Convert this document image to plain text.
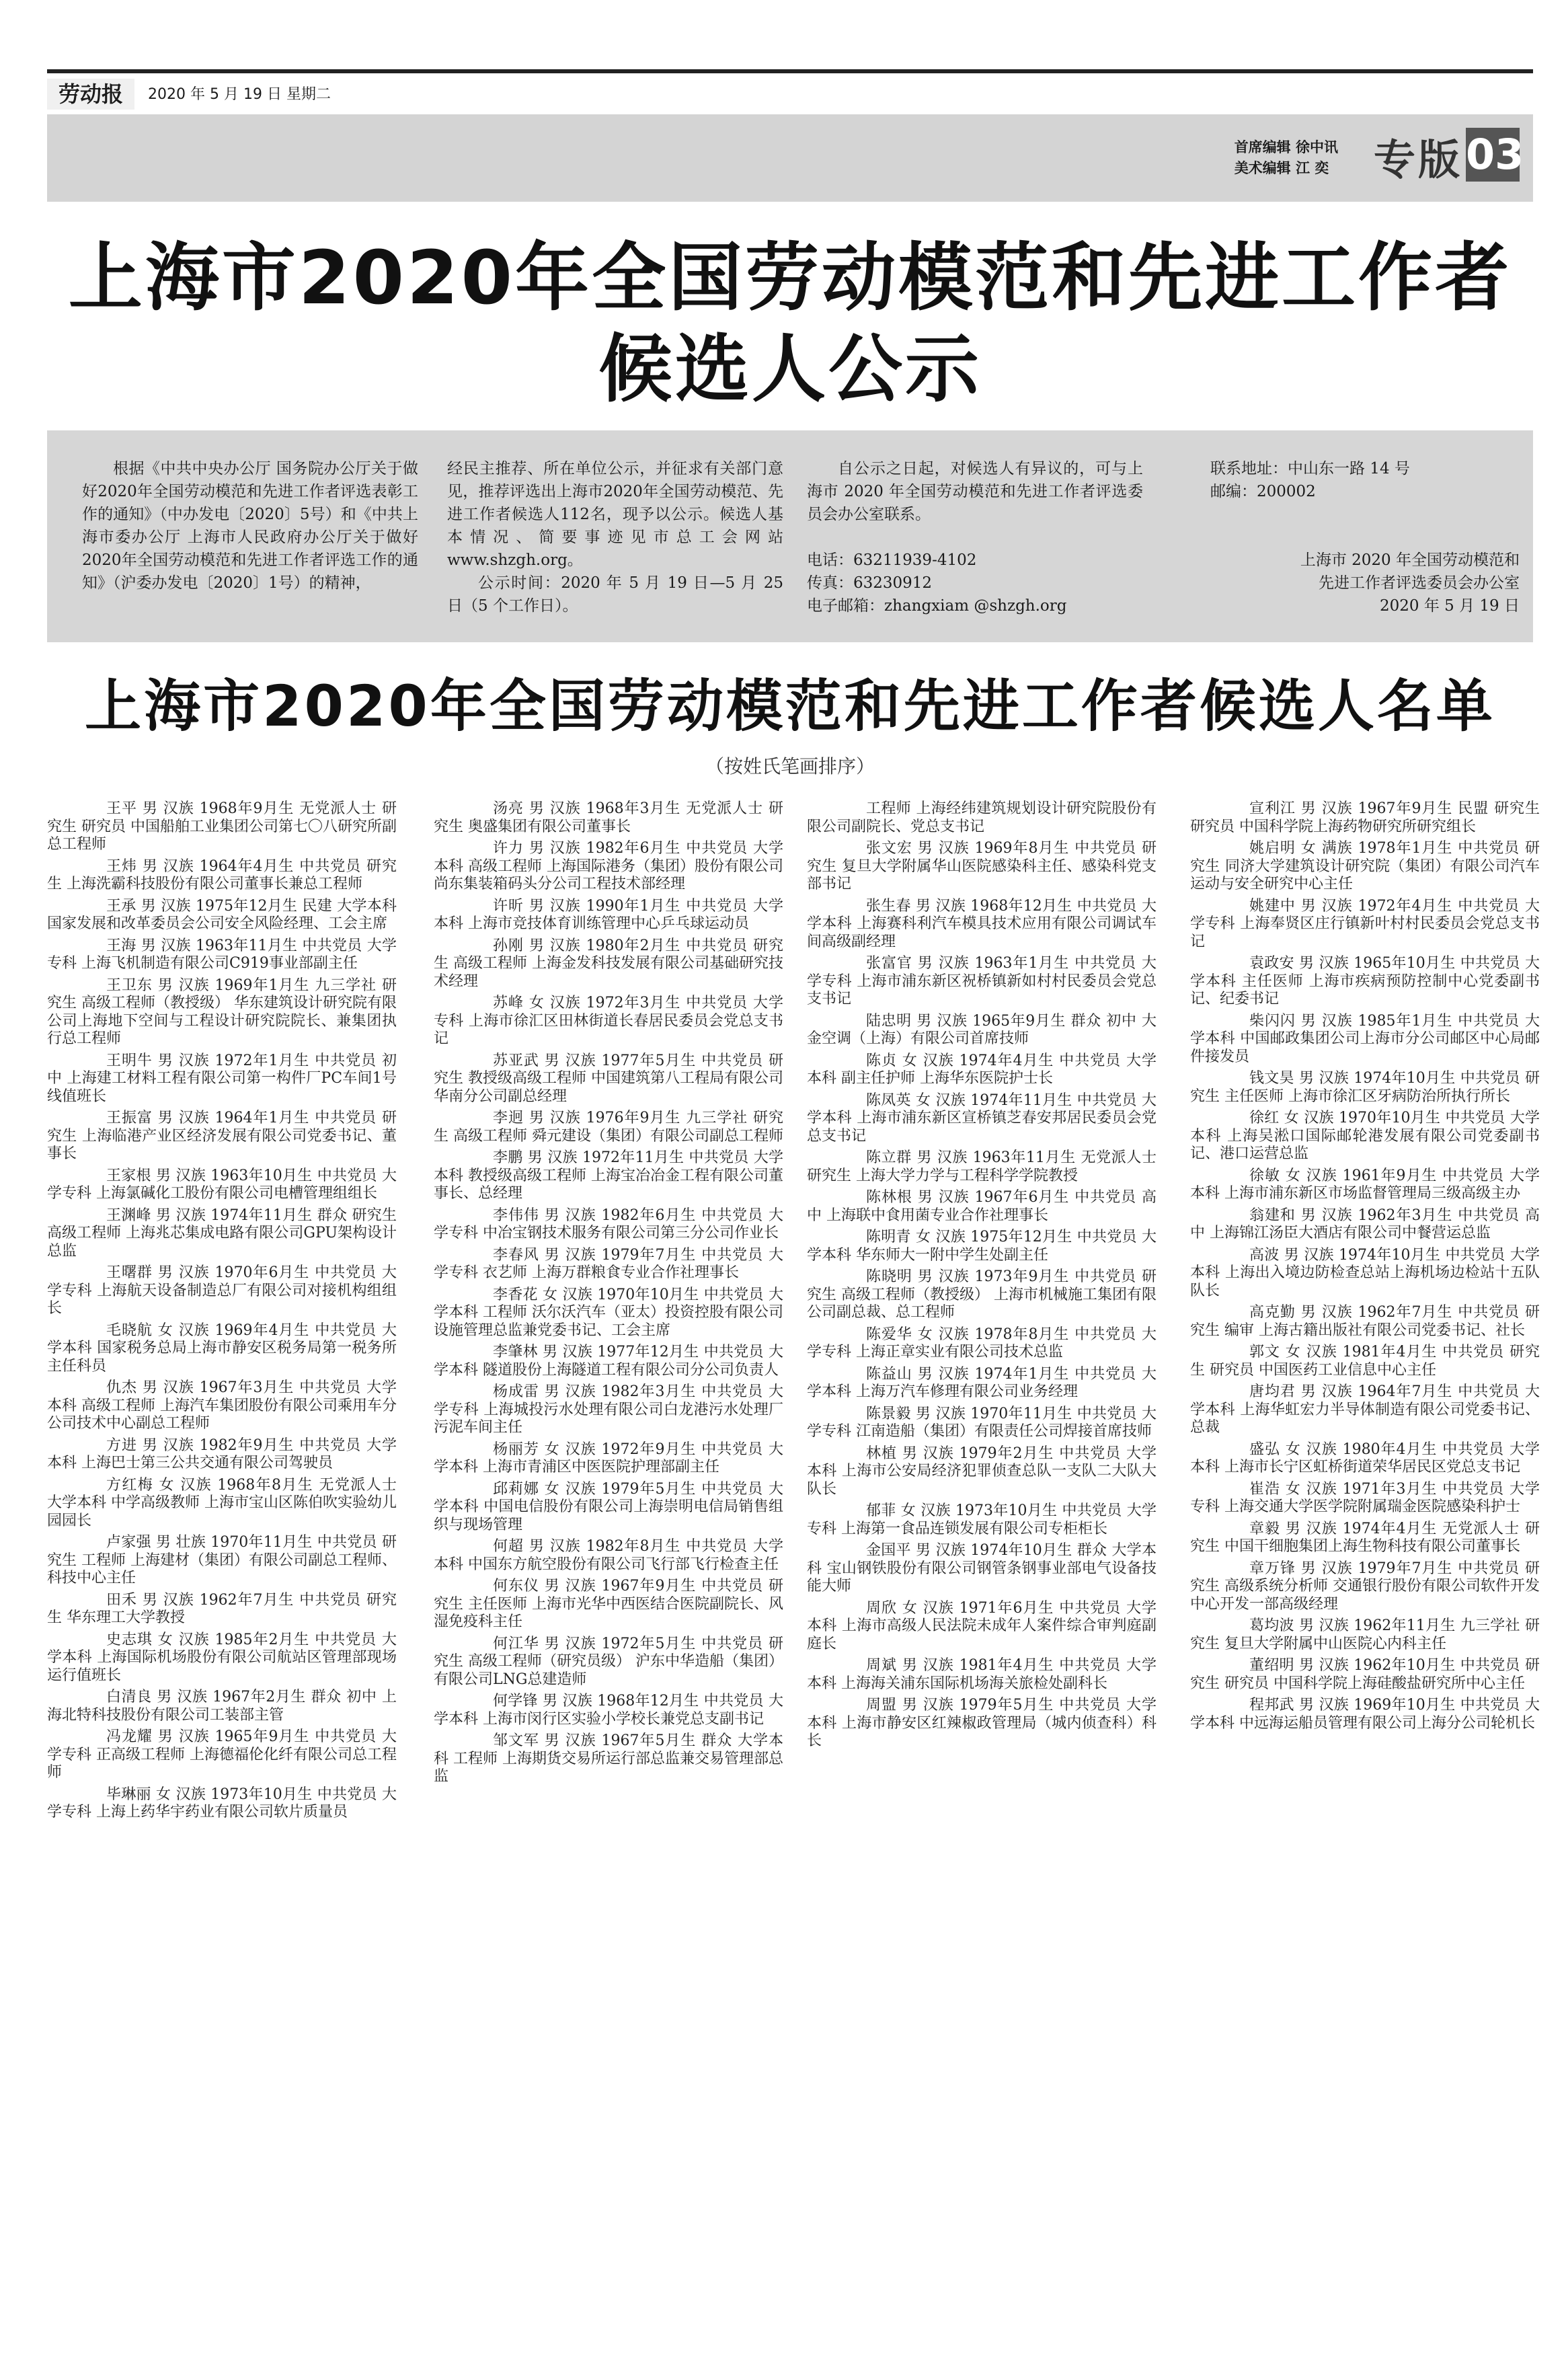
劳动报	2020 年 5 月 19 日 星期二
首席编辑 徐中讯
美术编辑 江 奕 专版 03
上海市2020年全国劳动模范和先进工作者
候选人公示

根据《中共中央办公厅 国务院办公厅关于做好2020年全国劳动模范和先进工作者评选表彰工作的通知》（中办发电〔2020〕5号）和《中共上海市委办公厅 上海市人民政府办公厅关于做好2020年全国劳动模范和先进工作者评选工作的通知》（沪委办发电〔2020〕1号）的精神，

经民主推荐、所在单位公示，并征求有关部门意见，推荐评选出上海市2020年全国劳动模范、先进工作者候选人112名，现予以公示。候选人基本情况、简要事迹见市总工会网站www.shzgh.org。

公示时间：2020 年 5 月 19 日—5 月 25 日（5 个工作日）。

自公示之日起，对候选人有异议的，可与上海市 2020 年全国劳动模范和先进工作者评选委员会办公室联系。

电话：63211939-4102

传真：63230912

电子邮箱：zhangxiam @shzgh.org

联系地址：中山东一路 14 号

邮编：200002

上海市 2020 年全国劳动模范和

先进工作者评选委员会办公室

2020 年 5 月 19 日

上海市2020年全国劳动模范和先进工作者候选人名单
（按姓氏笔画排序）

王平 男 汉族 1968年9月生 无党派人士 研究生 研究员 中国船舶工业集团公司第七〇八研究所副总工程师

王炜 男 汉族 1964年4月生 中共党员 研究生 上海洗霸科技股份有限公司董事长兼总工程师

王承 男 汉族 1975年12月生 民建 大学本科 国家发展和改革委员会公司安全风险经理、工会主席

王海 男 汉族 1963年11月生 中共党员 大学专科 上海飞机制造有限公司C919事业部副主任

王卫东 男 汉族 1969年1月生 九三学社 研究生 高级工程师（教授级） 华东建筑设计研究院有限公司上海地下空间与工程设计研究院院长、兼集团执行总工程师

王明牛 男 汉族 1972年1月生 中共党员 初中 上海建工材料工程有限公司第一构件厂PC车间1号线值班长

王振富 男 汉族 1964年1月生 中共党员 研究生 上海临港产业区经济发展有限公司党委书记、董事长

王家根 男 汉族 1963年10月生 中共党员 大学专科 上海氯碱化工股份有限公司电槽管理组组长

王渊峰 男 汉族 1974年11月生 群众 研究生 高级工程师 上海兆芯集成电路有限公司GPU架构设计总监

王曙群 男 汉族 1970年6月生 中共党员 大学专科 上海航天设备制造总厂有限公司对接机构组组长

毛晓航 女 汉族 1969年4月生 中共党员 大学本科 国家税务总局上海市静安区税务局第一税务所主任科员

仇杰 男 汉族 1967年3月生 中共党员 大学本科 高级工程师 上海汽车集团股份有限公司乘用车分公司技术中心副总工程师

方进 男 汉族 1982年9月生 中共党员 大学本科 上海巴士第三公共交通有限公司驾驶员

方红梅 女 汉族 1968年8月生 无党派人士 大学本科 中学高级教师 上海市宝山区陈伯吹实验幼儿园园长

卢家强 男 壮族 1970年11月生 中共党员 研究生 工程师 上海建材（集团）有限公司副总工程师、科技中心主任

田禾 男 汉族 1962年7月生 中共党员 研究生 华东理工大学教授

史志琪 女 汉族 1985年2月生 中共党员 大学本科 上海国际机场股份有限公司航站区管理部现场运行值班长

白清良 男 汉族 1967年2月生 群众 初中 上海北特科技股份有限公司工装部主管

冯龙耀 男 汉族 1965年9月生 中共党员 大学专科 正高级工程师 上海德福伦化纤有限公司总工程师

毕琳丽 女 汉族 1973年10月生 中共党员 大学专科 上海上药华宇药业有限公司软片质量员

汤亮 男 汉族 1968年3月生 无党派人士 研究生 奥盛集团有限公司董事长

许力 男 汉族 1982年6月生 中共党员 大学本科 高级工程师 上海国际港务（集团）股份有限公司尚东集装箱码头分公司工程技术部经理

许昕 男 汉族 1990年1月生 中共党员 大学本科 上海市竞技体育训练管理中心乒乓球运动员

孙刚 男 汉族 1980年2月生 中共党员 研究生 高级工程师 上海金发科技发展有限公司基础研究技术经理

苏峰 女 汉族 1972年3月生 中共党员 大学专科 上海市徐汇区田林街道长春居民委员会党总支书记

苏亚武 男 汉族 1977年5月生 中共党员 研究生 教授级高级工程师 中国建筑第八工程局有限公司华南分公司副总经理

李迥 男 汉族 1976年9月生 九三学社 研究生 高级工程师 舜元建设（集团）有限公司副总工程师

李鹏 男 汉族 1972年11月生 中共党员 大学本科 教授级高级工程师 上海宝冶冶金工程有限公司董事长、总经理

李伟伟 男 汉族 1982年6月生 中共党员 大学专科 中冶宝钢技术服务有限公司第三分公司作业长

李春风 男 汉族 1979年7月生 中共党员 大学专科 衣艺师 上海万群粮食专业合作社理事长

李香花 女 汉族 1970年10月生 中共党员 大学本科 工程师 沃尔沃汽车（亚太）投资控股有限公司设施管理总监兼党委书记、工会主席

李肇林 男 汉族 1977年12月生 中共党员 大学本科 隧道股份上海隧道工程有限公司分公司负责人

杨成雷 男 汉族 1982年3月生 中共党员 大学专科 上海城投污水处理有限公司白龙港污水处理厂污泥车间主任

杨丽芳 女 汉族 1972年9月生 中共党员 大学本科 上海市青浦区中医医院护理部副主任

邱莉娜 女 汉族 1979年5月生 中共党员 大学本科 中国电信股份有限公司上海崇明电信局销售组织与现场管理

何超 男 汉族 1982年8月生 中共党员 大学本科 中国东方航空股份有限公司飞行部飞行检查主任

何东仪 男 汉族 1967年9月生 中共党员 研究生 主任医师 上海市光华中西医结合医院副院长、风湿免疫科主任

何江华 男 汉族 1972年5月生 中共党员 研究生 高级工程师（研究员级） 沪东中华造船（集团）有限公司LNG总建造师

何学锋 男 汉族 1968年12月生 中共党员 大学本科 上海市闵行区实验小学校长兼党总支副书记

邹文军 男 汉族 1967年5月生 群众 大学本科 工程师 上海期货交易所运行部总监兼交易管理部总监

工程师 上海经纬建筑规划设计研究院股份有限公司副院长、党总支书记

张文宏 男 汉族 1969年8月生 中共党员 研究生 复旦大学附属华山医院感染科主任、感染科党支部书记

张生春 男 汉族 1968年12月生 中共党员 大学本科 上海赛科利汽车模具技术应用有限公司调试车间高级副经理

张富官 男 汉族 1963年1月生 中共党员 大学专科 上海市浦东新区祝桥镇新如村村民委员会党总支书记

陆忠明 男 汉族 1965年9月生 群众 初中 大金空调（上海）有限公司首席技师

陈贞 女 汉族 1974年4月生 中共党员 大学本科 副主任护师 上海华东医院护士长

陈凤英 女 汉族 1974年11月生 中共党员 大学本科 上海市浦东新区宣桥镇芝春安邦居民委员会党总支书记

陈立群 男 汉族 1963年11月生 无党派人士 研究生 上海大学力学与工程科学学院教授

陈林根 男 汉族 1967年6月生 中共党员 高中 上海联中食用菌专业合作社理事长

陈明青 女 汉族 1975年12月生 中共党员 大学本科 华东师大一附中学生处副主任

陈晓明 男 汉族 1973年9月生 中共党员 研究生 高级工程师（教授级） 上海市机械施工集团有限公司副总裁、总工程师

陈爱华 女 汉族 1978年8月生 中共党员 大学专科 上海正章实业有限公司技术总监

陈益山 男 汉族 1974年1月生 中共党员 大学本科 上海万汽车修理有限公司业务经理

陈景毅 男 汉族 1970年11月生 中共党员 大学专科 江南造船（集团）有限责任公司焊接首席技师

林植 男 汉族 1979年2月生 中共党员 大学本科 上海市公安局经济犯罪侦查总队一支队二大队大队长

郁菲 女 汉族 1973年10月生 中共党员 大学专科 上海第一食品连锁发展有限公司专柜柜长

金国平 男 汉族 1974年10月生 群众 大学本科 宝山钢铁股份有限公司钢管条钢事业部电气设备技能大师

周欣 女 汉族 1971年6月生 中共党员 大学本科 上海市高级人民法院未成年人案件综合审判庭副庭长

周斌 男 汉族 1981年4月生 中共党员 大学本科 上海海关浦东国际机场海关旅检处副科长

周盟 男 汉族 1979年5月生 中共党员 大学本科 上海市静安区红辣椒政管理局（城内侦查科）科长

宣利江 男 汉族 1967年9月生 民盟 研究生 研究员 中国科学院上海药物研究所研究组长

姚启明 女 满族 1978年1月生 中共党员 研究生 同济大学建筑设计研究院（集团）有限公司汽车运动与安全研究中心主任

姚建中 男 汉族 1972年4月生 中共党员 大学专科 上海奉贤区庄行镇新叶村村民委员会党总支书记

袁政安 男 汉族 1965年10月生 中共党员 大学本科 主任医师 上海市疾病预防控制中心党委副书记、纪委书记

柴闪闪 男 汉族 1985年1月生 中共党员 大学本科 中国邮政集团公司上海市分公司邮区中心局邮件接发员

钱文昊 男 汉族 1974年10月生 中共党员 研究生 主任医师 上海市徐汇区牙病防治所执行所长

徐红 女 汉族 1970年10月生 中共党员 大学本科 上海吴淞口国际邮轮港发展有限公司党委副书记、港口运营总监

徐敏 女 汉族 1961年9月生 中共党员 大学本科 上海市浦东新区市场监督管理局三级高级主办

翁建和 男 汉族 1962年3月生 中共党员 高中 上海锦江汤臣大酒店有限公司中餐营运总监

高波 男 汉族 1974年10月生 中共党员 大学本科 上海出入境边防检查总站上海机场边检站十五队队长

高克勤 男 汉族 1962年7月生 中共党员 研究生 编审 上海古籍出版社有限公司党委书记、社长

郭文 女 汉族 1981年4月生 中共党员 研究生 研究员 中国医药工业信息中心主任

唐均君 男 汉族 1964年7月生 中共党员 大学本科 上海华虹宏力半导体制造有限公司党委书记、总裁

盛弘 女 汉族 1980年4月生 中共党员 大学本科 上海市长宁区虹桥街道荣华居民区党总支书记

崔浩 女 汉族 1971年3月生 中共党员 大学专科 上海交通大学医学院附属瑞金医院感染科护士

章毅 男 汉族 1974年4月生 无党派人士 研究生 中国干细胞集团上海生物科技有限公司董事长

章万锋 男 汉族 1979年7月生 中共党员 研究生 高级系统分析师 交通银行股份有限公司软件开发中心开发一部高级经理

葛均波 男 汉族 1962年11月生 九三学社 研究生 复旦大学附属中山医院心内科主任

董绍明 男 汉族 1962年10月生 中共党员 研究生 研究员 中国科学院上海硅酸盐研究所中心主任

程邦武 男 汉族 1969年10月生 中共党员 大学本科 中远海运船员管理有限公司上海分公司轮机长
